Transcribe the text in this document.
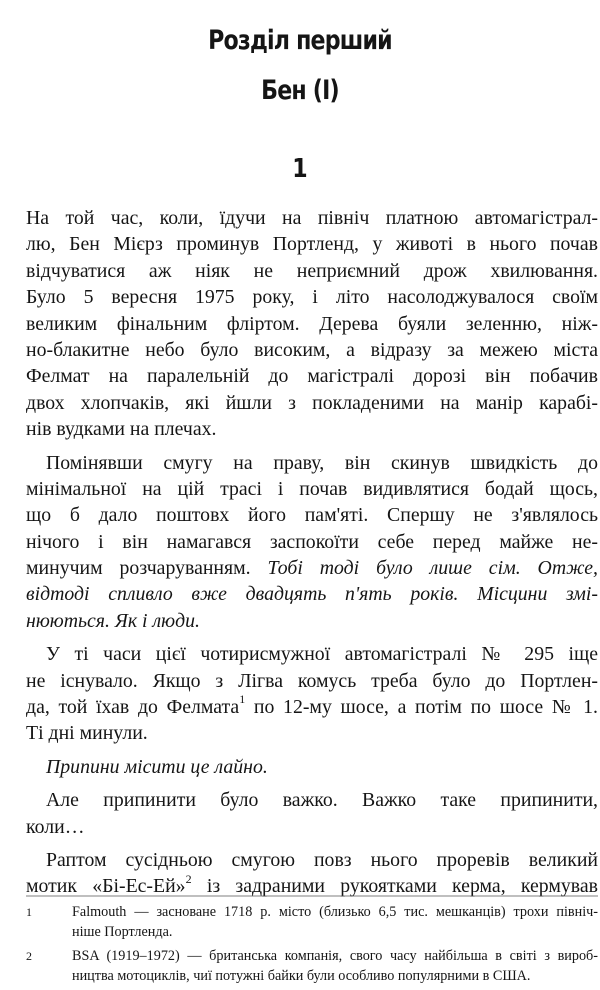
Розділ перший
Бен (І)
1
На той час, коли, їдучи на північ платною автомагістрал-
лю, Бен Мієрз проминув Портленд, у животі в нього почав
відчуватися аж ніяк не неприємний дрож хвилювання.
Було 5 вересня 1975 року, і літо насолоджувалося своїм
великим фінальним фліртом. Дерева буяли зеленню, ніж-
но-блакитне небо було високим, а відразу за межею міста
Фелмат на паралельній до магістралі дорозі він побачив
двох хлопчаків, які йшли з покладеними на манір карабі-
нів вудками на плечах.
Помінявши смугу на праву, він скинув швидкість до
мінімальної на цій трасі і почав видивлятися бодай щось,
що б дало поштовх його пам'яті. Спершу не з'являлось
нічого і він намагався заспокоїти себе перед майже не-
минучим розчаруванням. Тобі тоді було лише сім. Отже,
відтоді спливло вже двадцять п'ять років. Місцини змі-
нюються. Як і люди.
У ті часи цієї чотирисмужної автомагістралі № 295 іще
не існувало. Якщо з Лігва комусь треба було до Портлен-
да, той їхав до Фелмата$^1$ по 12-му шосе, а потім по шосе № 1.
Ті дні минули.
Припини місити це лайно.
Але припинити було важко. Важко таке припинити,
коли…
Раптом сусідньою смугою повз нього проревів великий
мотик «Бі-Ес-Ей»$^2$ із задраними рукоятками керма, кермував
1	Falmouth — засноване 1718 р. місто (близько 6,5 тис. мешканців) трохи північ-
ніше Портленда.
2	BSA (1919–1972) — британська компанія, свого часу найбільша в світі з вироб-
ництва мотоциклів, чиї потужні байки були особливо популярними в США.
